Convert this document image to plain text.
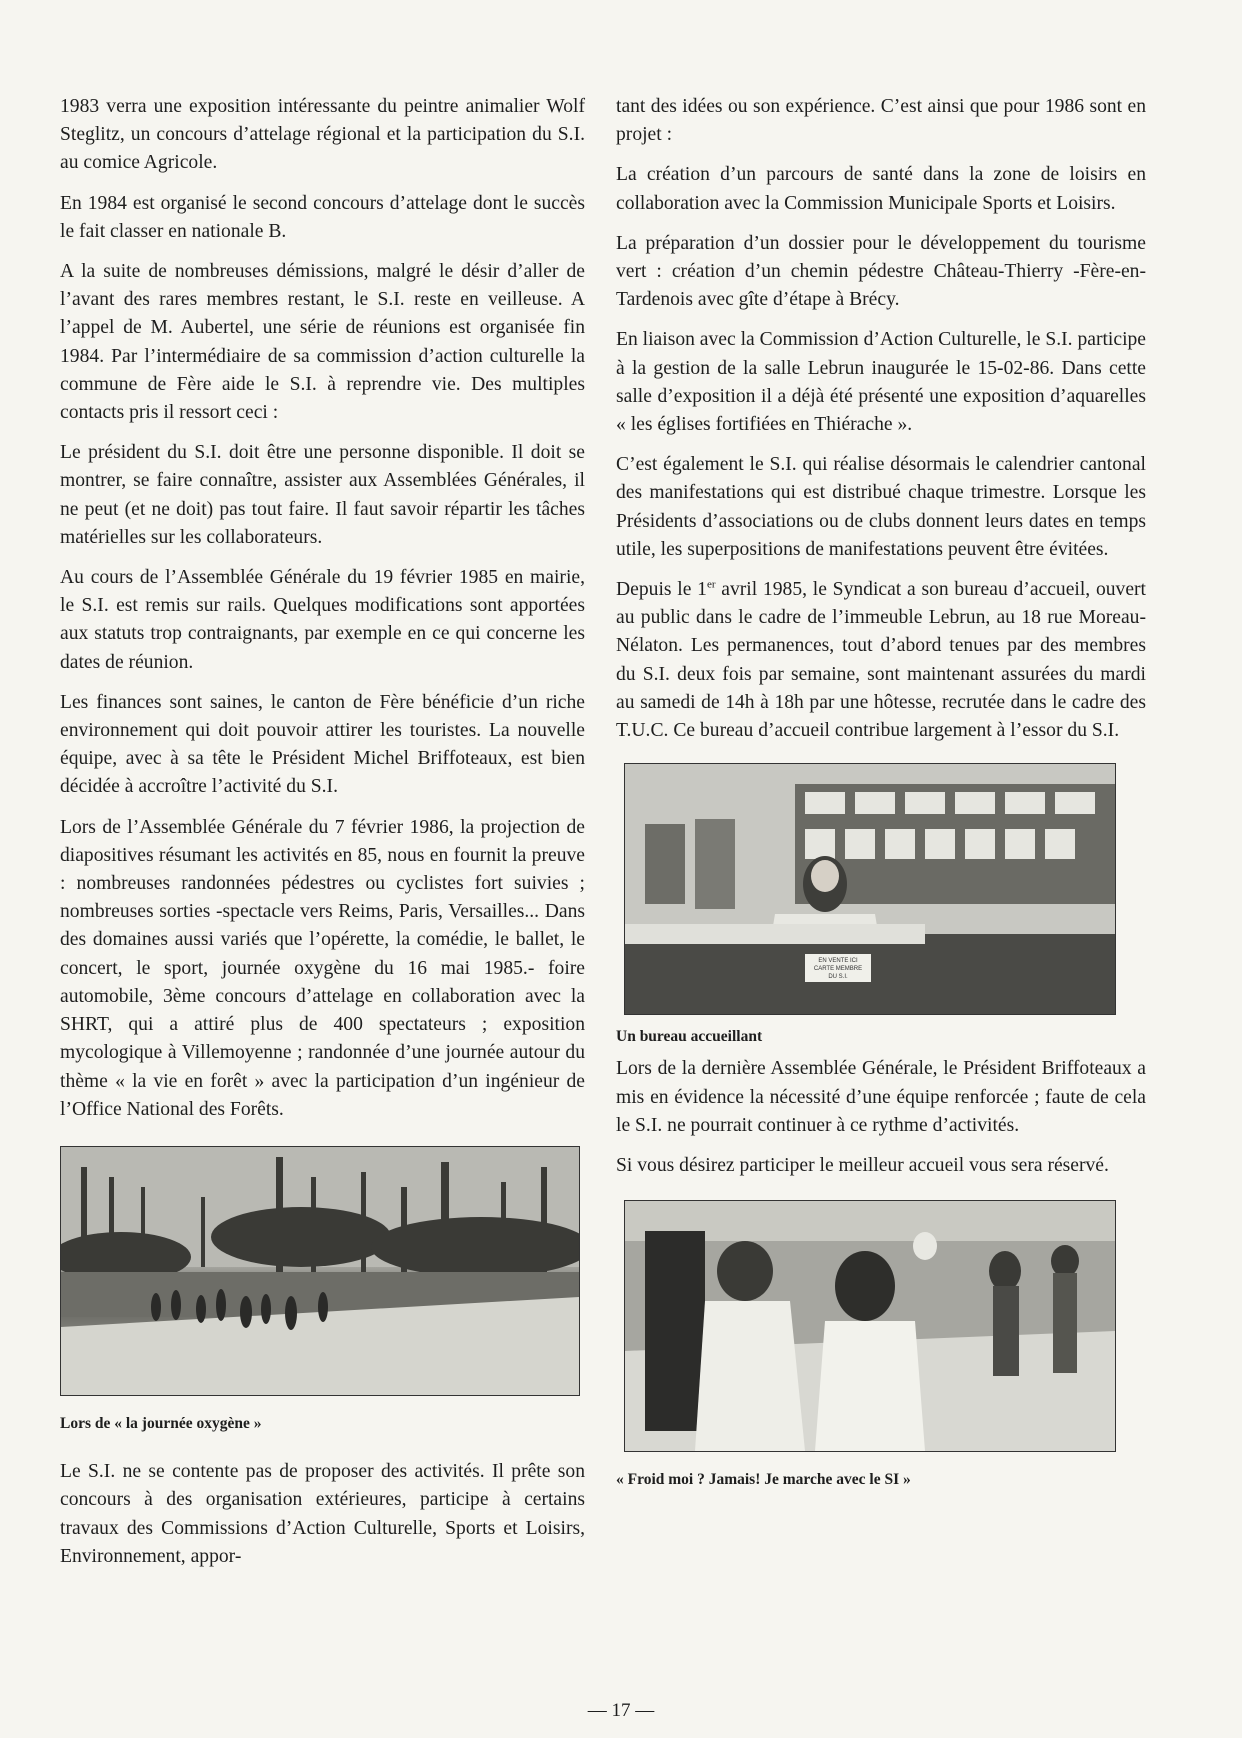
1983 verra une exposition intéressante du peintre animalier Wolf Steglitz, un concours d’attelage régional et la participation du S.I. au comice Agricole.

En 1984 est organisé le second concours d’attelage dont le succès le fait classer en nationale B.

A la suite de nombreuses démissions, malgré le désir d’aller de l’avant des rares membres restant, le S.I. reste en veilleuse. A l’appel de M. Aubertel, une série de réunions est organisée fin 1984. Par l’intermédiaire de sa commission d’action culturelle la commune de Fère aide le S.I. à reprendre vie. Des multiples contacts pris il ressort ceci :

Le président du S.I. doit être une personne disponible. Il doit se montrer, se faire connaître, assister aux Assemblées Générales, il ne peut (et ne doit) pas tout faire. Il faut savoir répartir les tâches matérielles sur les collaborateurs.

Au cours de l’Assemblée Générale du 19 février 1985 en mairie, le S.I. est remis sur rails. Quelques modifications sont apportées aux statuts trop contraignants, par exemple en ce qui concerne les dates de réunion.

Les finances sont saines, le canton de Fère bénéficie d’un riche environnement qui doit pouvoir attirer les touristes. La nouvelle équipe, avec à sa tête le Président Michel Briffoteaux, est bien décidée à accroître l’activité du S.I.

Lors de l’Assemblée Générale du 7 février 1986, la projection de diapositives résumant les activités en 85, nous en fournit la preuve : nombreuses randonnées pédestres ou cyclistes fort suivies ; nombreuses sorties -spectacle vers Reims, Paris, Versailles... Dans des domaines aussi variés que l’opérette, la comédie, le ballet, le concert, le sport, journée oxygène du 16 mai 1985.- foire automobile, 3ème concours d’attelage en collaboration avec la SHRT, qui a attiré plus de 400 spectateurs ; exposition mycologique à Villemoyenne ; randonnée d’une journée autour du thème « la vie en forêt » avec la participation d’un ingénieur de l’Office National des Forêts.

Lors de « la journée oxygène »

Le S.I. ne se contente pas de proposer des activités. Il prête son concours à des organisation extérieures, participe à certains travaux des Commissions d’Action Culturelle, Sports et Loisirs, Environnement, appor-

tant des idées ou son expérience. C’est ainsi que pour 1986 sont en projet :

La création d’un parcours de santé dans la zone de loisirs en collaboration avec la Commission Municipale Sports et Loisirs.

La préparation d’un dossier pour le développement du tourisme vert : création d’un chemin pédestre Château-Thierry -Fère-en-Tardenois avec gîte d’étape à Brécy.

En liaison avec la Commission d’Action Culturelle, le S.I. participe à la gestion de la salle Lebrun inaugurée le 15-02-86. Dans cette salle d’exposition il a déjà été présenté une exposition d’aquarelles « les églises fortifiées en Thiérache ».

C’est également le S.I. qui réalise désormais le calendrier cantonal des manifestations qui est distribué chaque trimestre. Lorsque les Présidents d’associations ou de clubs donnent leurs dates en temps utile, les superpositions de manifestations peuvent être évitées.

Depuis le 1er avril 1985, le Syndicat a son bureau d’accueil, ouvert au public dans le cadre de l’immeuble Lebrun, au 18 rue Moreau-Nélaton. Les permanences, tout d’abord tenues par des membres du S.I. deux fois par semaine, sont maintenant assurées du mardi au samedi de 14h à 18h par une hôtesse, recrutée dans le cadre des T.U.C. Ce bureau d’accueil contribue largement à l’essor du S.I.

EN VENTE ICI
CARTE MEMBRE
DU S.I.

Un bureau accueillant

Lors de la dernière Assemblée Générale, le Président Briffoteaux a mis en évidence la nécessité d’une équipe renforcée ; faute de cela le S.I. ne pourrait continuer à ce rythme d’activités.

Si vous désirez participer le meilleur accueil vous sera réservé.

« Froid moi ? Jamais! Je marche avec le SI »

— 17 —
